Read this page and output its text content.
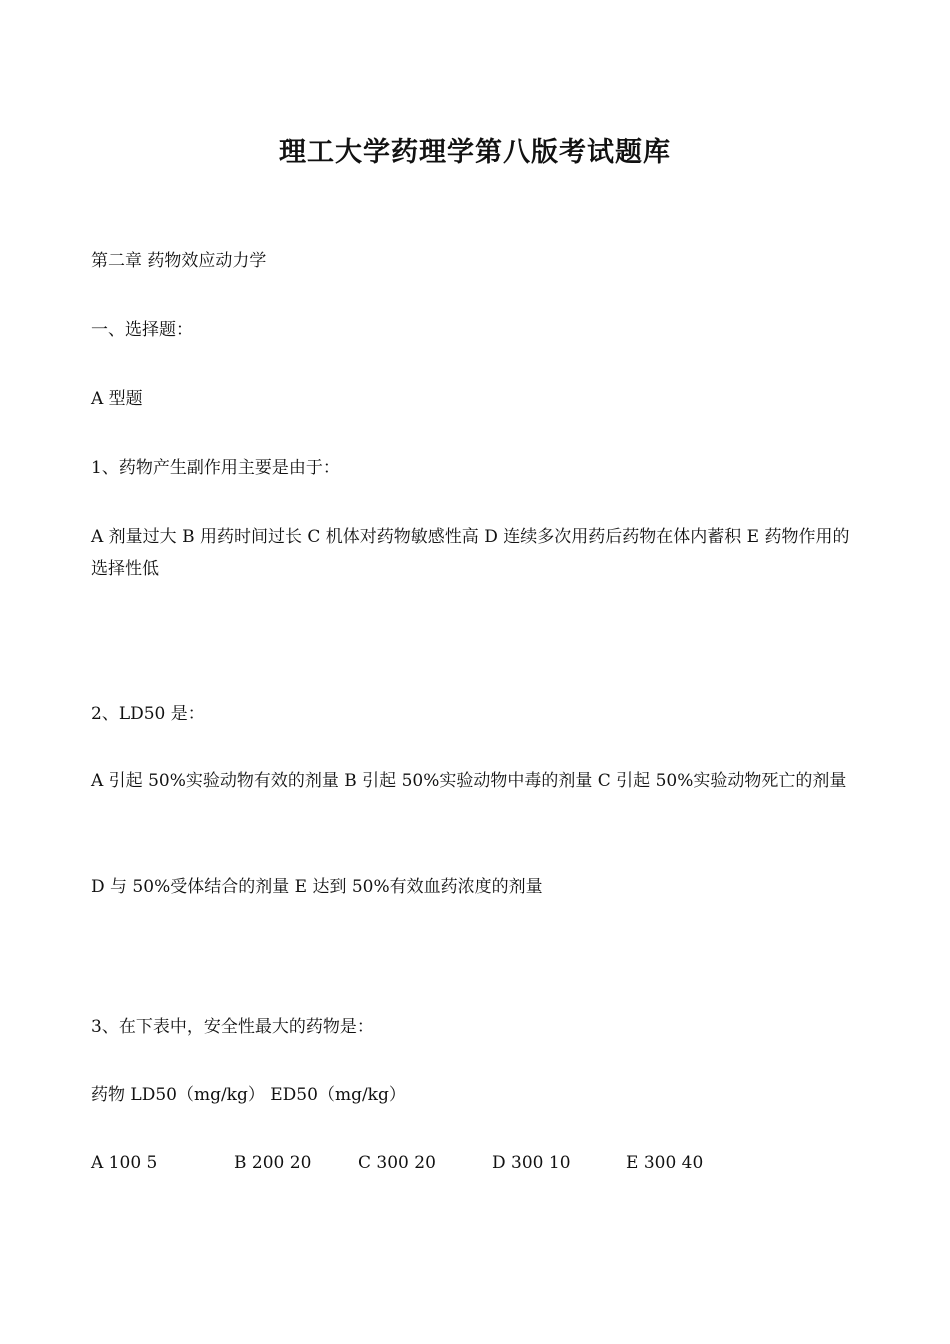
理工大学药理学第八版考试题库
第二章 药物效应动力学
一、选择题：
A 型题
1、药物产生副作用主要是由于：
A 剂量过大 B 用药时间过长 C 机体对药物敏感性高 D 连续多次用药后药物在体内蓄积 E 药物作用的选择性低
2、LD50 是：
A 引起 50%实验动物有效的剂量 B 引起 50%实验动物中毒的剂量 C 引起 50%实验动物死亡的剂量
D 与 50%受体结合的剂量 E 达到 50%有效血药浓度的剂量
3、在下表中，安全性最大的药物是：
药物 LD50（mg/kg） ED50（mg/kg）
A 100 5	B 200 20	C 300 20	D 300 10	E 300 40
